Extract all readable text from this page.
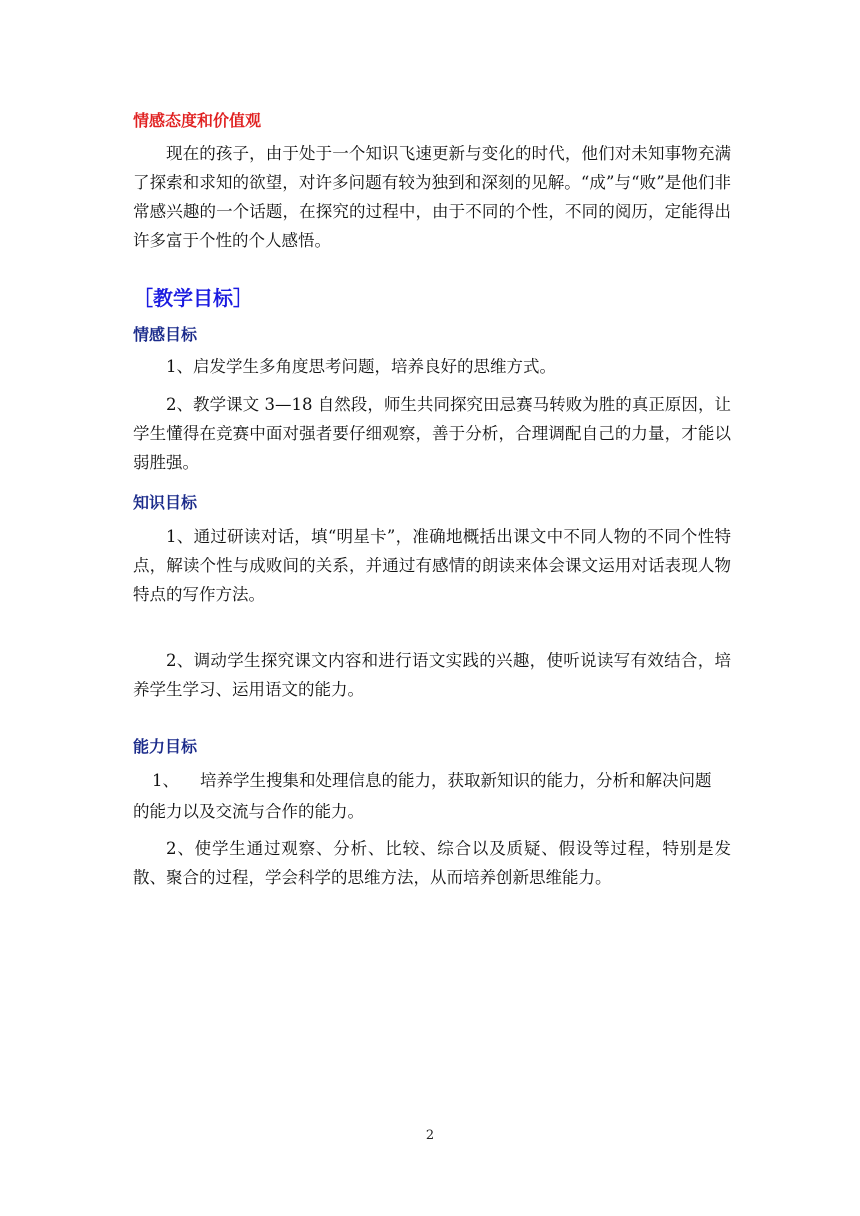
情感态度和价值观
现在的孩子，由于处于一个知识飞速更新与变化的时代，他们对未知事物充满了探索和求知的欲望，对许多问题有较为独到和深刻的见解。“成”与“败”是他们非常感兴趣的一个话题，在探究的过程中，由于不同的个性，不同的阅历，定能得出许多富于个性的个人感悟。
［教学目标］
情感目标
1、启发学生多角度思考问题，培养良好的思维方式。
2、教学课文 3—18 自然段，师生共同探究田忌赛马转败为胜的真正原因，让学生懂得在竞赛中面对强者要仔细观察，善于分析，合理调配自己的力量，才能以弱胜强。
知识目标
1、通过研读对话，填“明星卡”，准确地概括出课文中不同人物的不同个性特点，解读个性与成败间的关系，并通过有感情的朗读来体会课文运用对话表现人物特点的写作方法。
2、调动学生探究课文内容和进行语文实践的兴趣，使听说读写有效结合，培养学生学习、运用语文的能力。
能力目标
1、 培养学生搜集和处理信息的能力，获取新知识的能力，分析和解决问题
的能力以及交流与合作的能力。
2、使学生通过观察、分析、比较、综合以及质疑、假设等过程，特别是发散、聚合的过程，学会科学的思维方法，从而培养创新思维能力。
2
